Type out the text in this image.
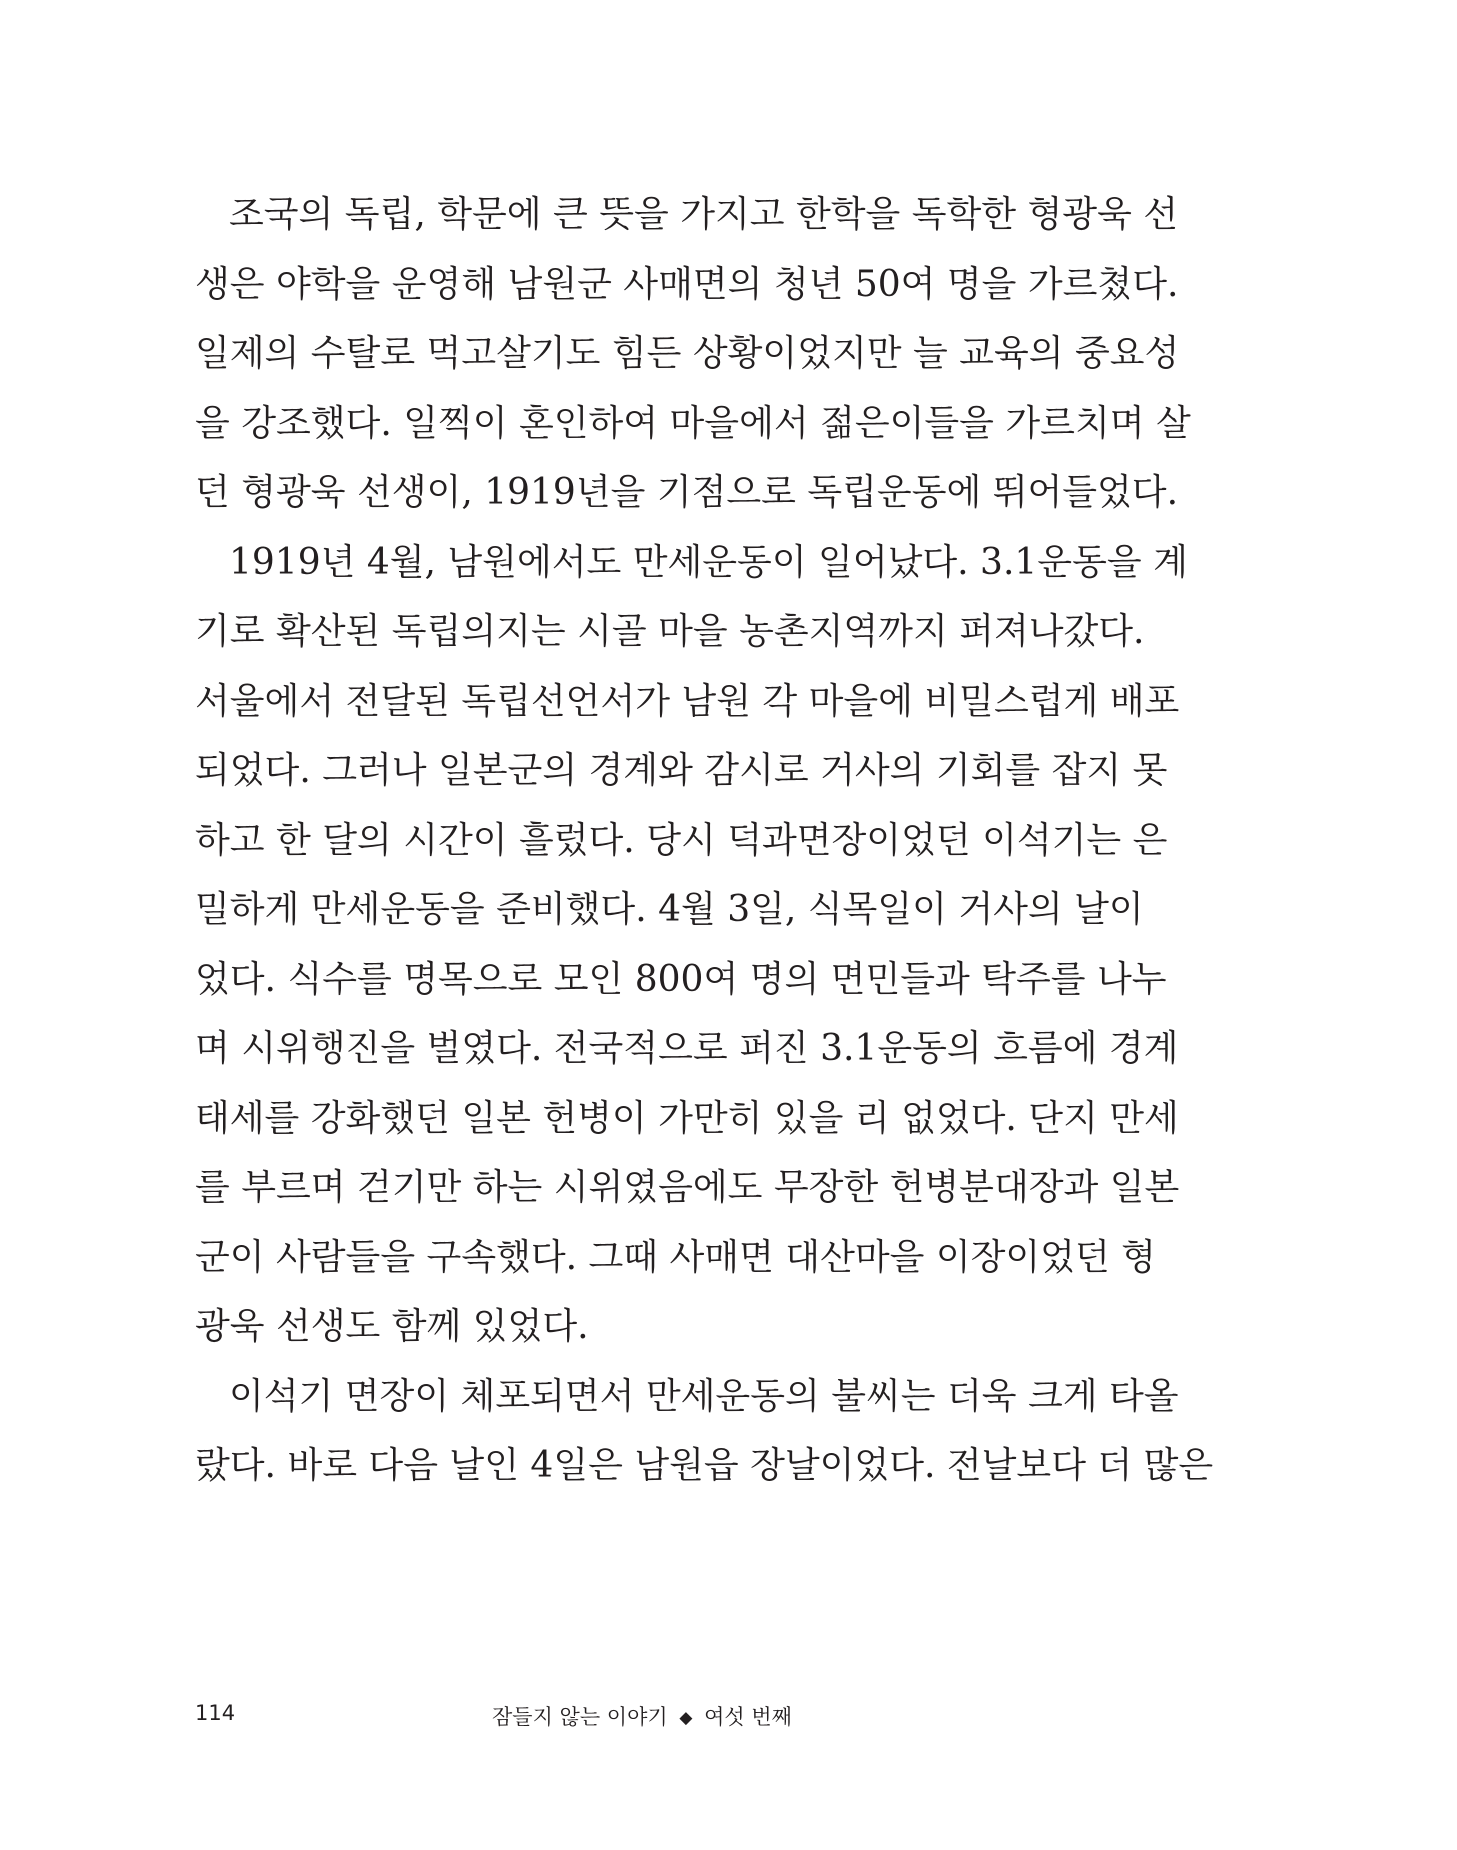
조국의 독립, 학문에 큰 뜻을 가지고 한학을 독학한 형광욱 선
생은 야학을 운영해 남원군 사매면의 청년 50여 명을 가르쳤다.
일제의 수탈로 먹고살기도 힘든 상황이었지만 늘 교육의 중요성
을 강조했다. 일찍이 혼인하여 마을에서 젊은이들을 가르치며 살
던 형광욱 선생이, 1919년을 기점으로 독립운동에 뛰어들었다.
1919년 4월, 남원에서도 만세운동이 일어났다. 3.1운동을 계
기로 확산된 독립의지는 시골 마을 농촌지역까지 퍼져나갔다.
서울에서 전달된 독립선언서가 남원 각 마을에 비밀스럽게 배포
되었다. 그러나 일본군의 경계와 감시로 거사의 기회를 잡지 못
하고 한 달의 시간이 흘렀다. 당시 덕과면장이었던 이석기는 은
밀하게 만세운동을 준비했다. 4월 3일, 식목일이 거사의 날이
었다. 식수를 명목으로 모인 800여 명의 면민들과 탁주를 나누
며 시위행진을 벌였다. 전국적으로 퍼진 3.1운동의 흐름에 경계
태세를 강화했던 일본 헌병이 가만히 있을 리 없었다. 단지 만세
를 부르며 걷기만 하는 시위였음에도 무장한 헌병분대장과 일본
군이 사람들을 구속했다. 그때 사매면 대산마을 이장이었던 형
광욱 선생도 함께 있었다.
이석기 면장이 체포되면서 만세운동의 불씨는 더욱 크게 타올
랐다. 바로 다음 날인 4일은 남원읍 장날이었다. 전날보다 더 많은
114	잠들지 않는 이야기 ◆ 여섯 번째
